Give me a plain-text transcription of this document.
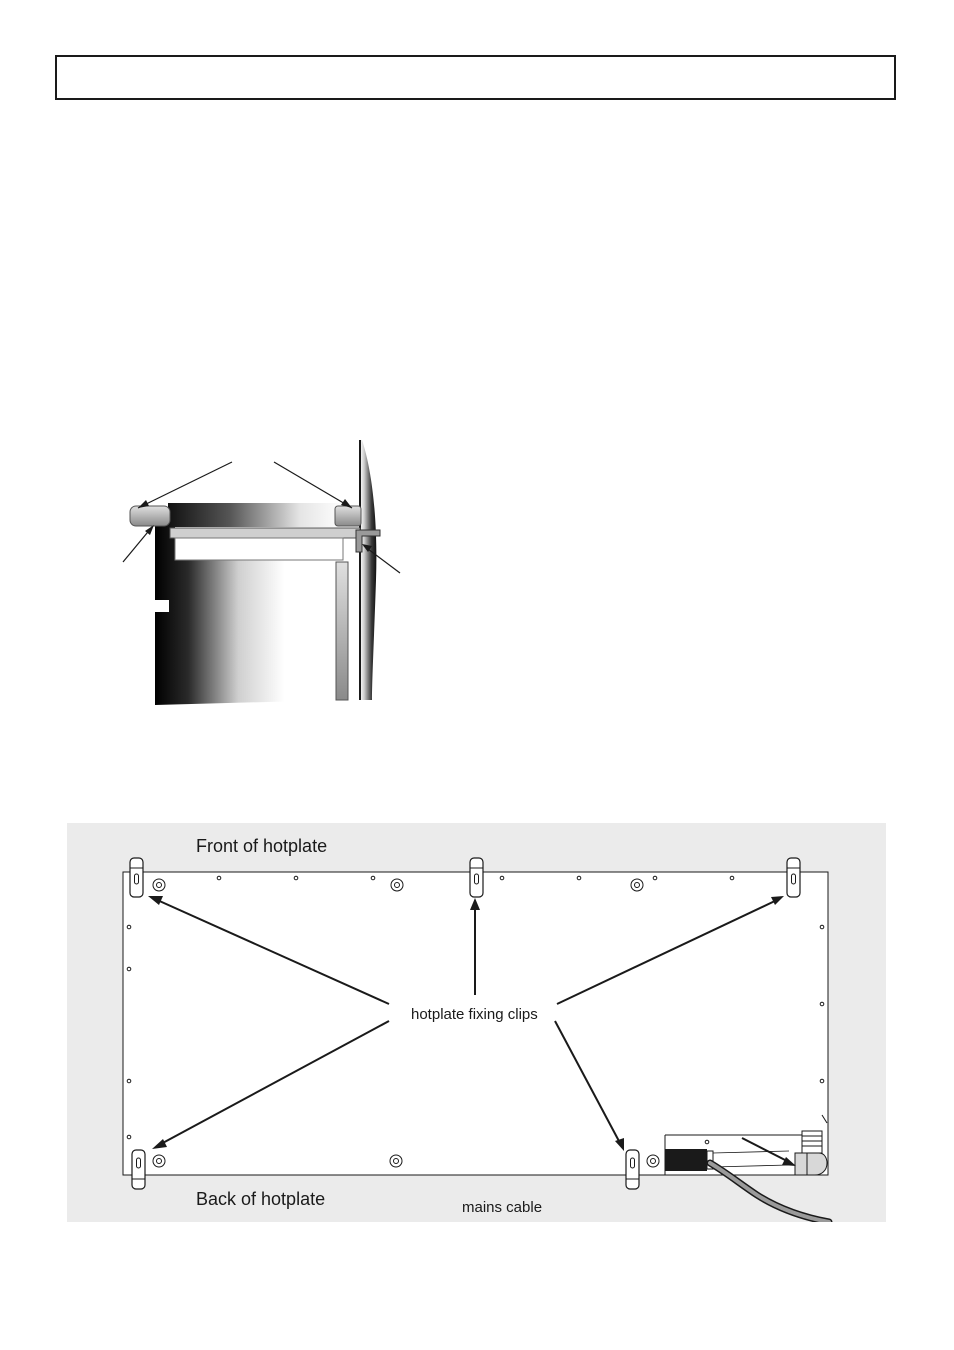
Front of hotplate
Back of hotplate
hotplate fixing clips
mains cable
